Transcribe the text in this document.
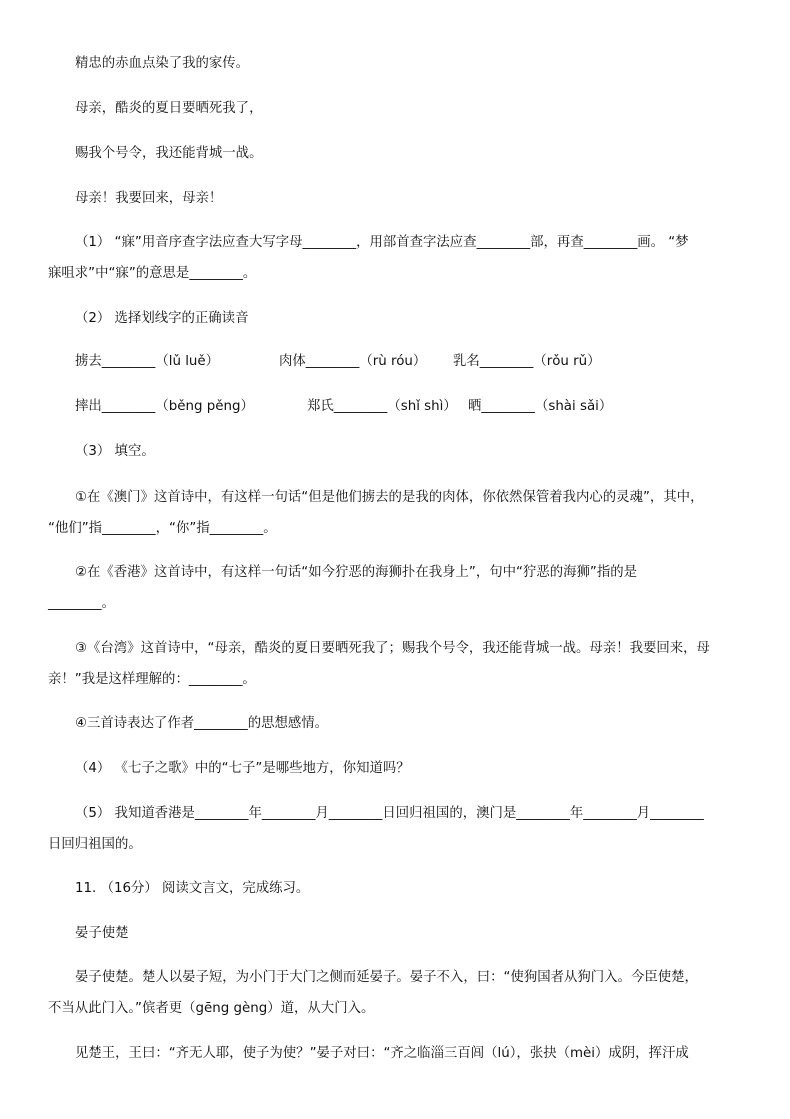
精忠的赤血点染了我的家传。
母亲，酷炎的夏日要晒死我了，
赐我个号令，我还能背城一战。
母亲！我要回来，母亲！
（1） “寐”用音序查字法应查大写字母________，用部首查字法应查________部，再查________画。 “梦
寐咀求”中“寐”的意思是________。
（2） 选择划线字的正确读音
掳去________（lǔ luě）	肉体________（rù róu） 乳名________（rǒu rǔ）
摔出________（běng pěng）	郑氏________（shǐ shì） 晒________（shài sǎi）
（3） 填空。
①在《澳门》这首诗中，有这样一句话“但是他们掳去的是我的肉体，你依然保管着我内心的灵魂”，其中，
“他们”指________，“你”指________。
②在《香港》这首诗中，有这样一句话“如今狞恶的海狮扑在我身上”，句中“狞恶的海狮”指的是
________。
③《台湾》这首诗中，“母亲，酷炎的夏日要晒死我了；赐我个号令，我还能背城一战。母亲！我要回来，母
亲！”我是这样理解的：________。
④三首诗表达了作者________的思想感情。
（4） 《七子之歌》中的“七子”是哪些地方，你知道吗？
（5） 我知道香港是________年________月________日回归祖国的，澳门是________年________月________
日回归祖国的。
11. （16分） 阅读文言文，完成练习。
晏子使楚
晏子使楚。楚人以晏子短，为小门于大门之侧而延晏子。晏子不入，曰：“使狗国者从狗门入。今臣使楚，
不当从此门入。”傧者更（gēng gèng）道，从大门入。
见楚王，王曰：“齐无人耶，使子为使？”晏子对曰：“齐之临淄三百闾（lú），张抉（mèi）成阴，挥汗成
